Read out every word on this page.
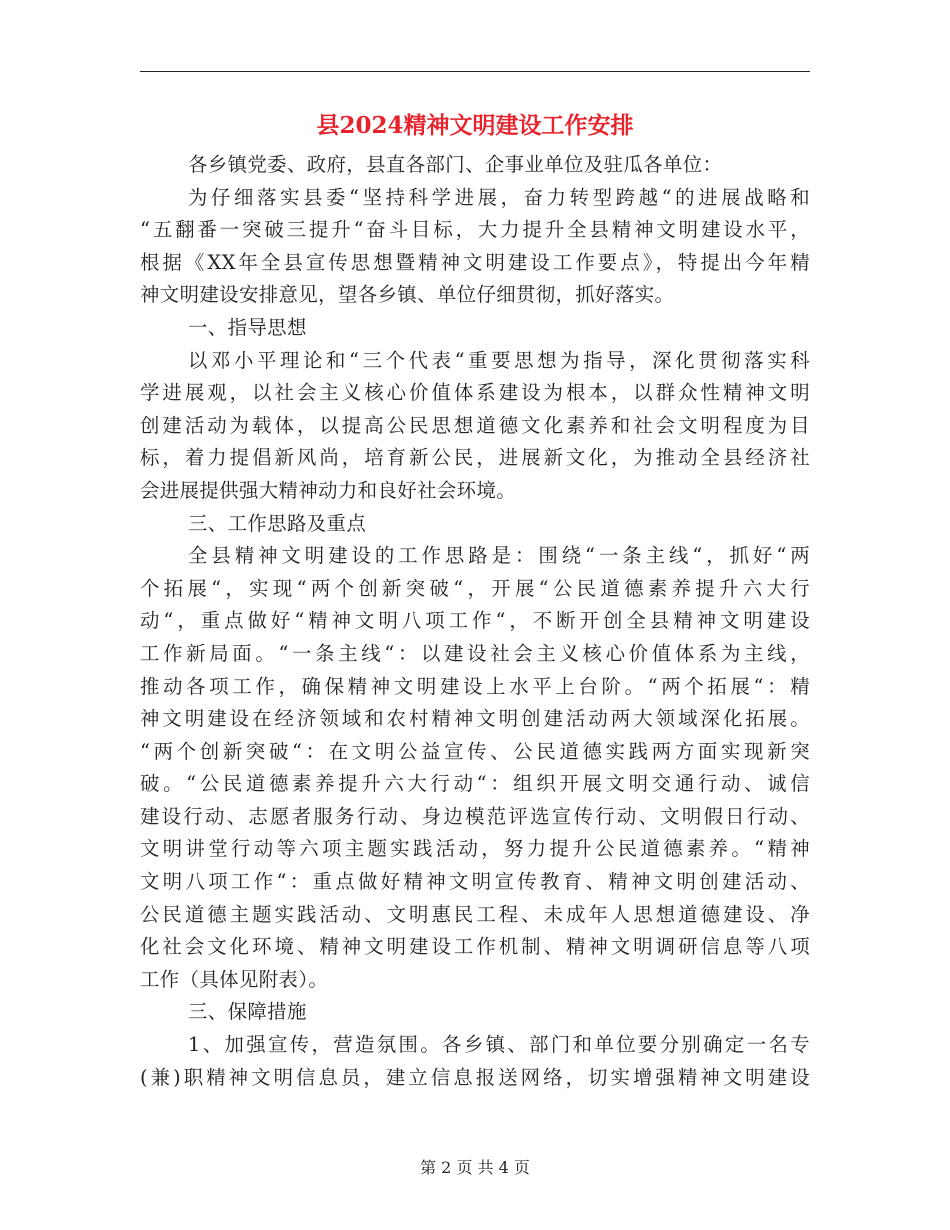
县2024精神文明建设工作安排
各乡镇党委、政府，县直各部门、企事业单位及驻瓜各单位：
为仔细落实县委“坚持科学进展，奋力转型跨越“的进展战略和
“五翻番一突破三提升“奋斗目标，大力提升全县精神文明建设水平，
根据《XX年全县宣传思想暨精神文明建设工作要点》，特提出今年精
神文明建设安排意见，望各乡镇、单位仔细贯彻，抓好落实。
一、指导思想
以邓小平理论和“三个代表“重要思想为指导，深化贯彻落实科
学进展观，以社会主义核心价值体系建设为根本，以群众性精神文明
创建活动为载体，以提高公民思想道德文化素养和社会文明程度为目
标，着力提倡新风尚，培育新公民，进展新文化，为推动全县经济社
会进展提供强大精神动力和良好社会环境。
三、工作思路及重点
全县精神文明建设的工作思路是：围绕“一条主线“，抓好“两
个拓展“，实现“两个创新突破“，开展“公民道德素养提升六大行
动“，重点做好“精神文明八项工作“，不断开创全县精神文明建设
工作新局面。“一条主线“：以建设社会主义核心价值体系为主线，
推动各项工作，确保精神文明建设上水平上台阶。“两个拓展“：精
神文明建设在经济领域和农村精神文明创建活动两大领域深化拓展。
“两个创新突破“：在文明公益宣传、公民道德实践两方面实现新突
破。“公民道德素养提升六大行动“：组织开展文明交通行动、诚信
建设行动、志愿者服务行动、身边模范评选宣传行动、文明假日行动、
文明讲堂行动等六项主题实践活动，努力提升公民道德素养。“精神
文明八项工作“：重点做好精神文明宣传教育、精神文明创建活动、
公民道德主题实践活动、文明惠民工程、未成年人思想道德建设、净
化社会文化环境、精神文明建设工作机制、精神文明调研信息等八项
工作（具体见附表）。
三、保障措施
1、加强宣传，营造氛围。各乡镇、部门和单位要分别确定一名专
(兼)职精神文明信息员，建立信息报送网络，切实增强精神文明建设
第 2 页 共 4 页
